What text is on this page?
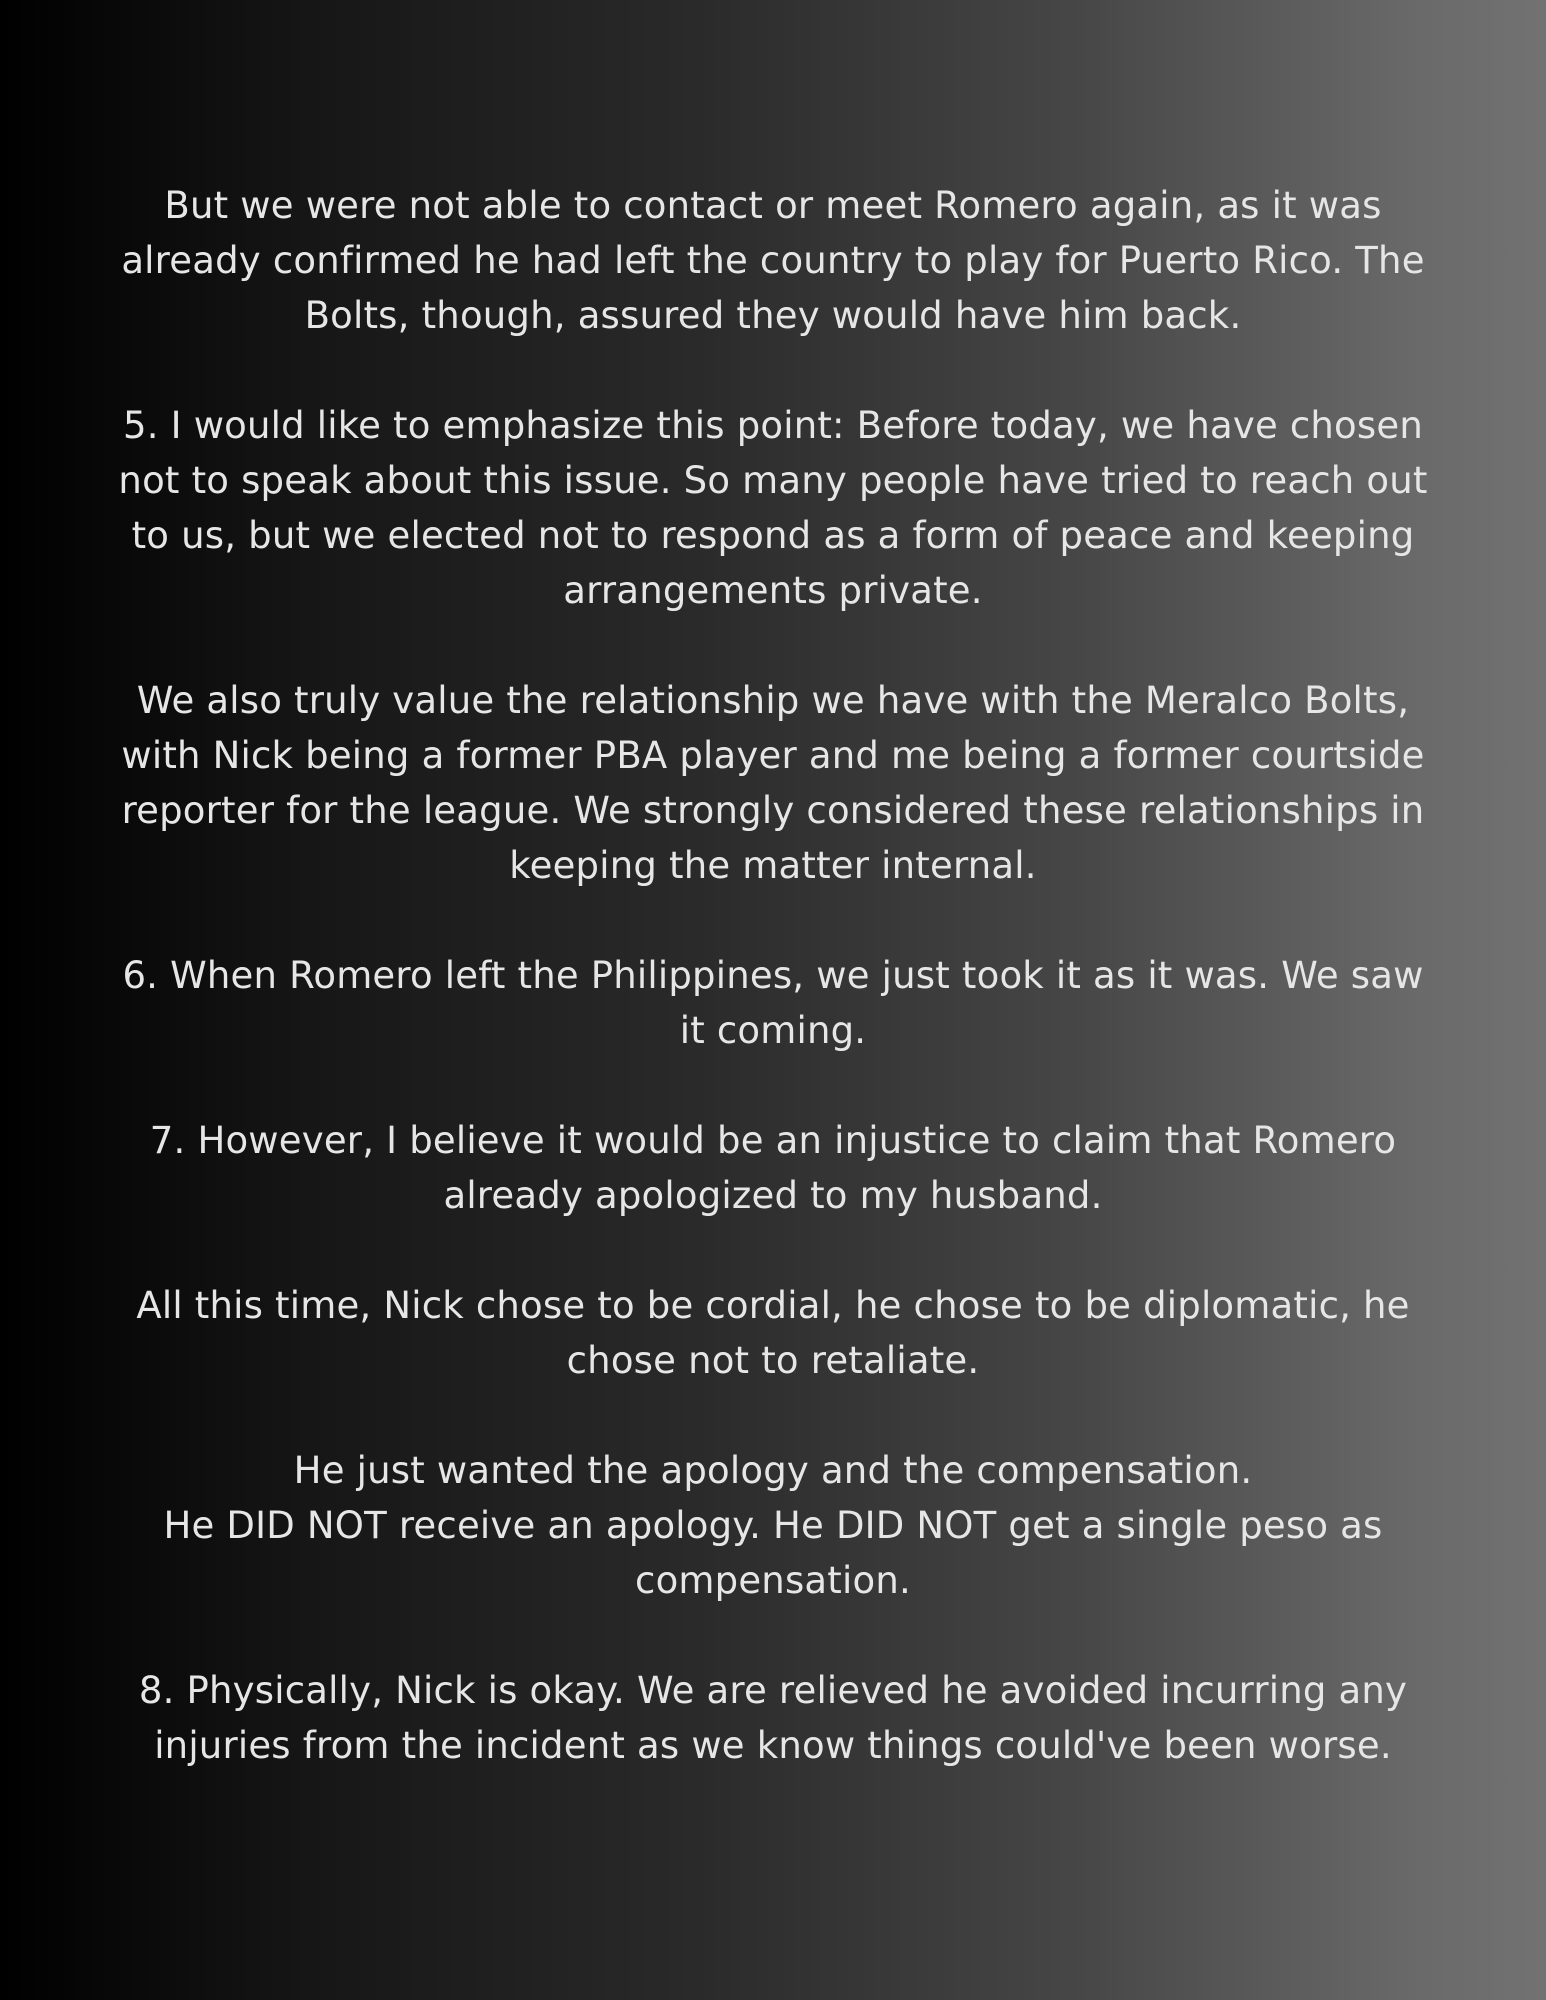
But we were not able to contact or meet Romero again, as it was
already confirmed he had left the country to play for Puerto Rico. The
Bolts, though, assured they would have him back.

5. I would like to emphasize this point: Before today, we have chosen
not to speak about this issue. So many people have tried to reach out
to us, but we elected not to respond as a form of peace and keeping
arrangements private.

We also truly value the relationship we have with the Meralco Bolts,
with Nick being a former PBA player and me being a former courtside
reporter for the league. We strongly considered these relationships in
keeping the matter internal.

6. When Romero left the Philippines, we just took it as it was. We saw
it coming.

7. However, I believe it would be an injustice to claim that Romero
already apologized to my husband.

All this time, Nick chose to be cordial, he chose to be diplomatic, he
chose not to retaliate.

He just wanted the apology and the compensation.
He DID NOT receive an apology. He DID NOT get a single peso as
compensation.

8. Physically, Nick is okay. We are relieved he avoided incurring any
injuries from the incident as we know things could've been worse.
